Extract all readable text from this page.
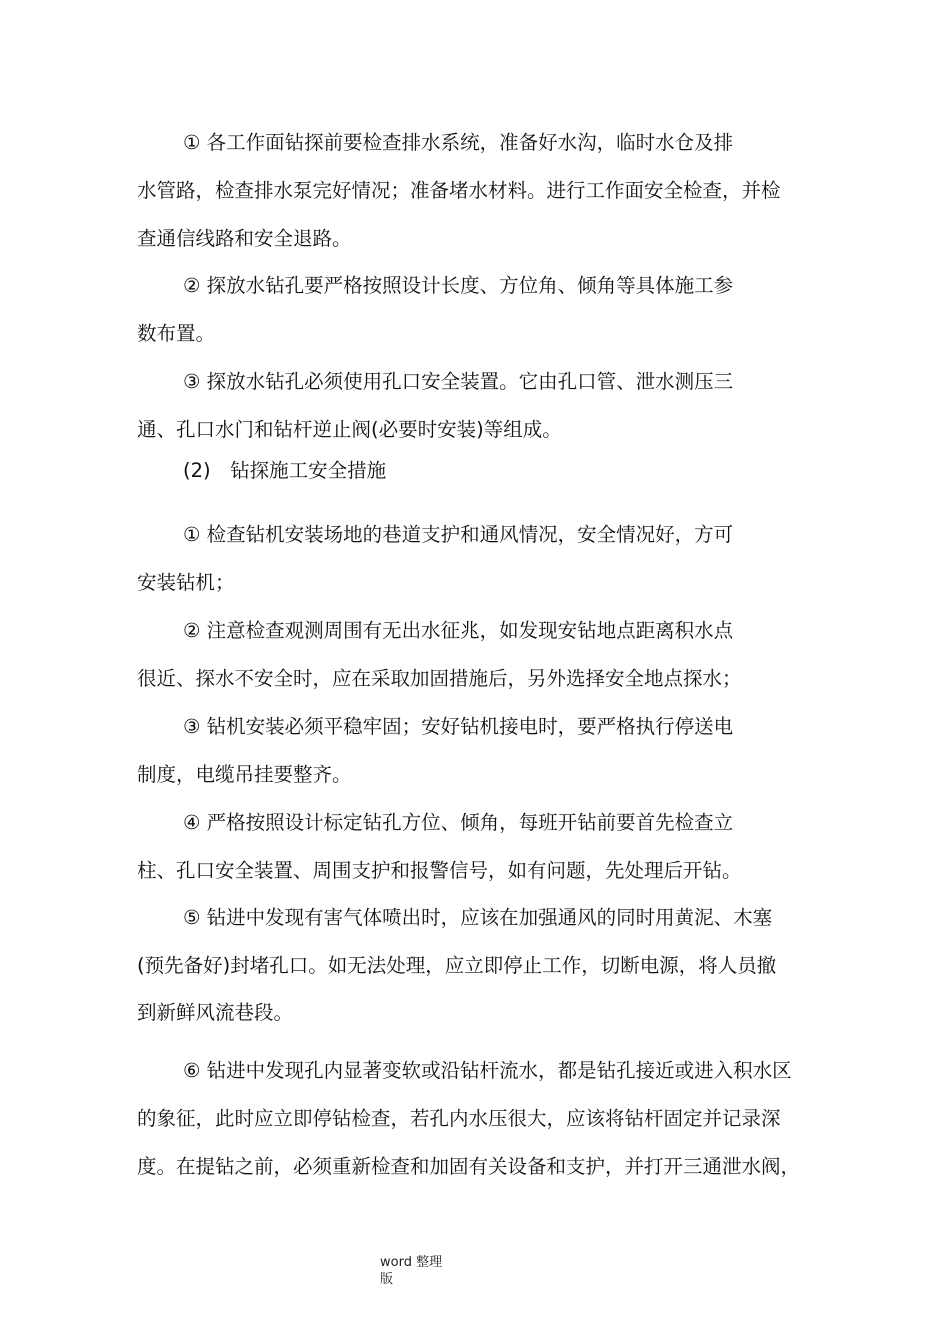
① 各工作面钻探前要检查排水系统，准备好水沟，临时水仓及排
水管路，检查排水泵完好情况；准备堵水材料。进行工作面安全检查，并检
查通信线路和安全退路。
② 探放水钻孔要严格按照设计长度、方位角、倾角等具体施工参
数布置。
③ 探放水钻孔必须使用孔口安全装置。它由孔口管、泄水测压三
通、孔口水门和钻杆逆止阀(必要时安装)等组成。
(2)　钻探施工安全措施
① 检查钻机安装场地的巷道支护和通风情况，安全情况好，方可
安装钻机；
② 注意检查观测周围有无出水征兆，如发现安钻地点距离积水点
很近、探水不安全时，应在采取加固措施后，另外选择安全地点探水；
③ 钻机安装必须平稳牢固；安好钻机接电时，要严格执行停送电
制度，电缆吊挂要整齐。
④ 严格按照设计标定钻孔方位、倾角，每班开钻前要首先检查立
柱、孔口安全装置、周围支护和报警信号，如有问题，先处理后开钻。
⑤ 钻进中发现有害气体喷出时，应该在加强通风的同时用黄泥、木塞
(预先备好)封堵孔口。如无法处理，应立即停止工作，切断电源，将人员撤
到新鲜风流巷段。
⑥ 钻进中发现孔内显著变软或沿钻杆流水，都是钻孔接近或进入积水区
的象征，此时应立即停钻检查，若孔内水压很大，应该将钻杆固定并记录深
度。在提钻之前，必须重新检查和加固有关设备和支护，并打开三通泄水阀，
word 整理
版
